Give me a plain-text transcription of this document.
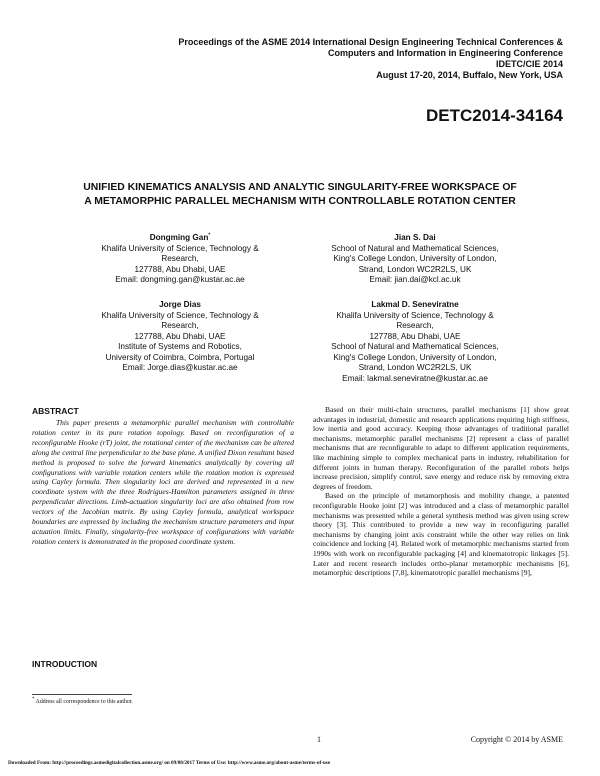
Proceedings of the ASME 2014 International Design Engineering Technical Conferences &
Computers and Information in Engineering Conference
IDETC/CIE 2014
August 17-20, 2014, Buffalo, New York, USA
DETC2014-34164
UNIFIED KINEMATICS ANALYSIS AND ANALYTIC SINGULARITY-FREE WORKSPACE OF
A METAMORPHIC PARALLEL MECHANISM WITH CONTROLLABLE ROTATION CENTER
Dongming Gan*
Khalifa University of Science, Technology &
Research,
127788, Abu Dhabi, UAE
Email: dongming.gan@kustar.ac.ae
Jian S. Dai
School of Natural and Mathematical Sciences,
King's College London, University of London,
Strand, London WC2R2LS, UK
Email: jian.dai@kcl.ac.uk
Jorge Dias
Khalifa University of Science, Technology &
Research,
127788, Abu Dhabi, UAE
Institute of Systems and Robotics,
University of Coimbra, Coimbra, Portugal
Email: Jorge.dias@kustar.ac.ae
Lakmal D. Seneviratne
Khalifa University of Science, Technology &
Research,
127788, Abu Dhabi, UAE
School of Natural and Mathematical Sciences,
King's College London, University of London,
Strand, London WC2R2LS, UK
Email: lakmal.seneviratne@kustar.ac.ae
ABSTRACT
This paper presents a metamorphic parallel mechanism with controllable rotation center in its pure rotation topology. Based on reconfiguration of a reconfigurable Hooke (rT) joint, the rotational center of the mechanism can be altered along the central line perpendicular to the base plane. A unified Dixon resultant based method is proposed to solve the forward kinematics analytically by covering all configurations with variable rotation centers while the rotation motion is expressed using Cayley formula. Then singularity loci are derived and represented in a new coordinate system with the three Rodrigues-Hamilton parameters assigned in three perpendicular directions. Limb-actuation singularity loci are also obtained from row vectors of the Jacobian matrix. By using Cayley formula, analytical workspace boundaries are expressed by including the mechanism structure parameters and input actuation limits. Finally, singularity-free workspace of configurations with variable rotation centers is demonstrated in the proposed coordinate system.
INTRODUCTION

Based on their multi-chain structures, parallel mechanisms [1] show great advantages in industrial, domestic and research applications requiring high stiffness, low inertia and good accuracy. Keeping those advantages of traditional parallel mechanisms, metamorphic parallel mechanisms [2] represent a class of parallel mechanisms that are reconfigurable to adapt to different application requirements, like machining simple to complex mechanical parts in industry, rehabilitation for different joints in human therapy. Reconfiguration of the parallel robots helps increase precision, simplify control, save energy and reduce risk by removing extra degrees of freedom.

Based on the principle of metamorphosis and mobility change, a patented reconfigurable Hooke joint [2] was introduced and a class of metamorphic parallel mechanisms was presented while a general synthesis method was given using screw theory [3]. This contributed to provide a new way in reconfiguring parallel mechanisms by changing joint axis constraint while the other way relies on link coincidence and locking [4]. Related work of metamorphic mechanisms started from 1990s with work on reconfigurable packaging [4] and kinematotropic linkages [5]. Later and recent research includes ortho-planar metamorphic mechanisms [6], metamorphic descriptions [7,8], kinematotropic parallel mechanisms [9],

* Address all correspondence to this author.
1	Copyright © 2014 by ASME
Downloaded From: http://proceedings.asmedigitalcollection.asme.org/ on 09/08/2017 Terms of Use: http://www.asme.org/about-asme/terms-of-use
